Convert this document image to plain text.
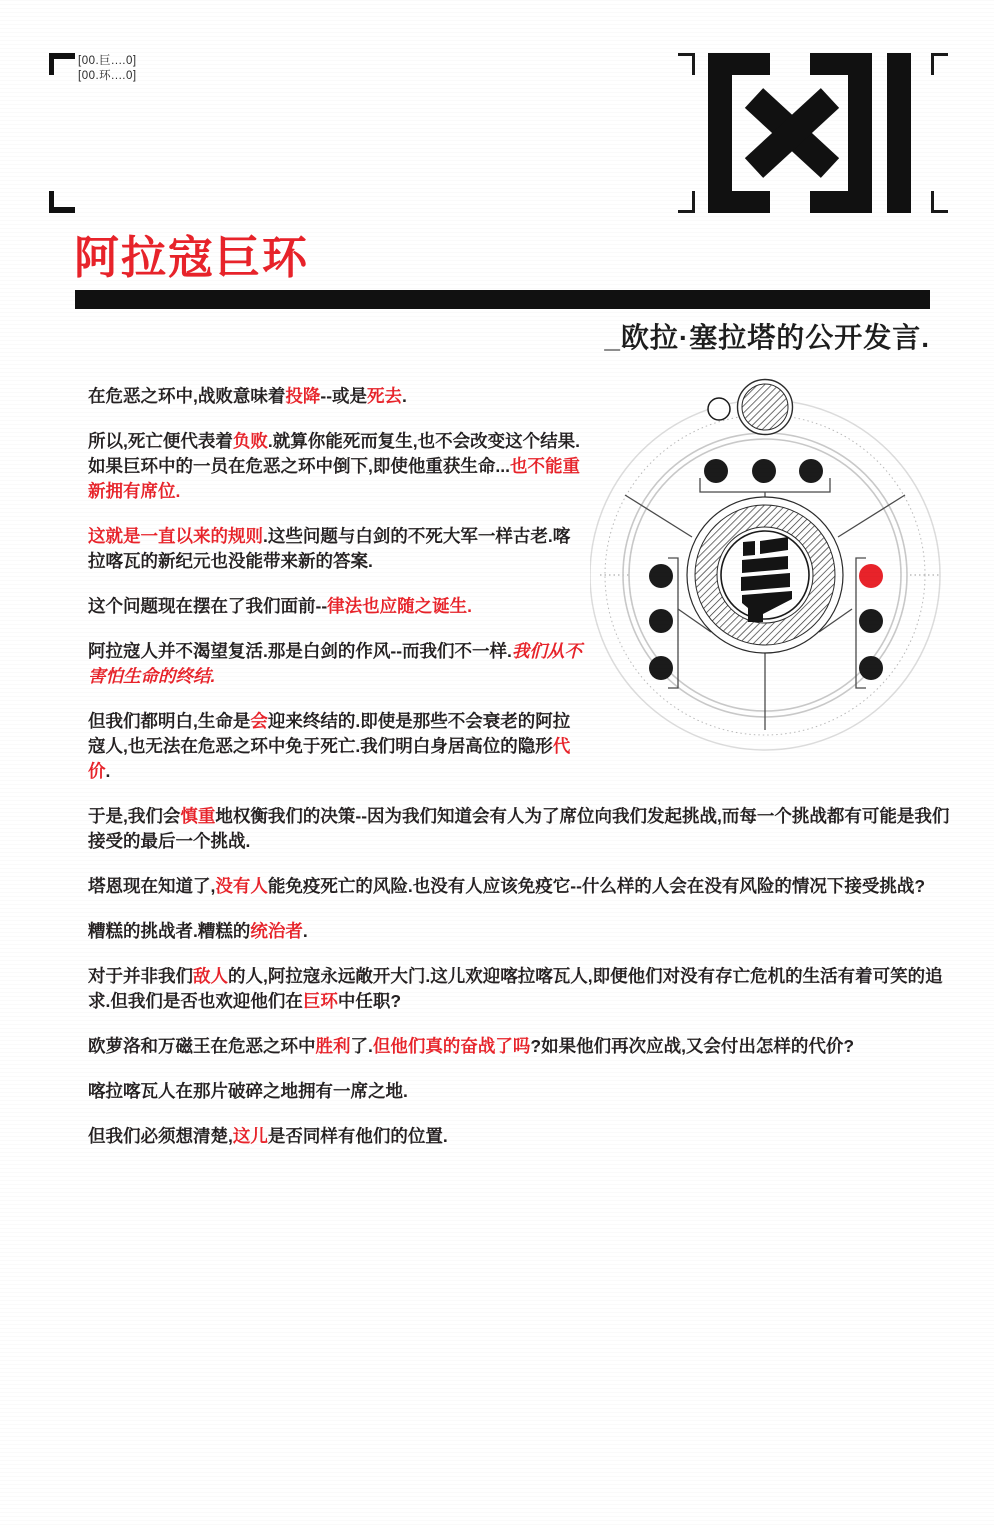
[00.巨....0]
[00.环....0]
阿拉寇巨环
_欧拉·塞拉塔的公开发言.

在危恶之环中,战败意味着投降--或是死去.

所以,死亡便代表着负败.就算你能死而复生,也不会改变这个结果.如果巨环中的一员在危恶之环中倒下,即使他重获生命...也不能重新拥有席位.

这就是一直以来的规则.这些问题与白剑的不死大军一样古老.喀拉喀瓦的新纪元也没能带来新的答案.

这个问题现在摆在了我们面前--律法也应随之诞生.

阿拉寇人并不渴望复活.那是白剑的作风--而我们不一样.我们从不害怕生命的终结.

但我们都明白,生命是会迎来终结的.即使是那些不会衰老的阿拉寇人,也无法在危恶之环中免于死亡.我们明白身居高位的隐形代价.

于是,我们会慎重地权衡我们的决策--因为我们知道会有人为了席位向我们发起挑战,而每一个挑战都有可能是我们接受的最后一个挑战.

塔恩现在知道了,没有人能免疫死亡的风险.也没有人应该免疫它--什么样的人会在没有风险的情况下接受挑战?

糟糕的挑战者.糟糕的统治者.

对于并非我们敌人的人,阿拉寇永远敞开大门.这儿欢迎喀拉喀瓦人,即便他们对没有存亡危机的生活有着可笑的追求.但我们是否也欢迎他们在巨环中任职?

欧萝洛和万磁王在危恶之环中胜利了.但他们真的奋战了吗?如果他们再次应战,又会付出怎样的代价?

喀拉喀瓦人在那片破碎之地拥有一席之地.

但我们必须想清楚,这儿是否同样有他们的位置.
